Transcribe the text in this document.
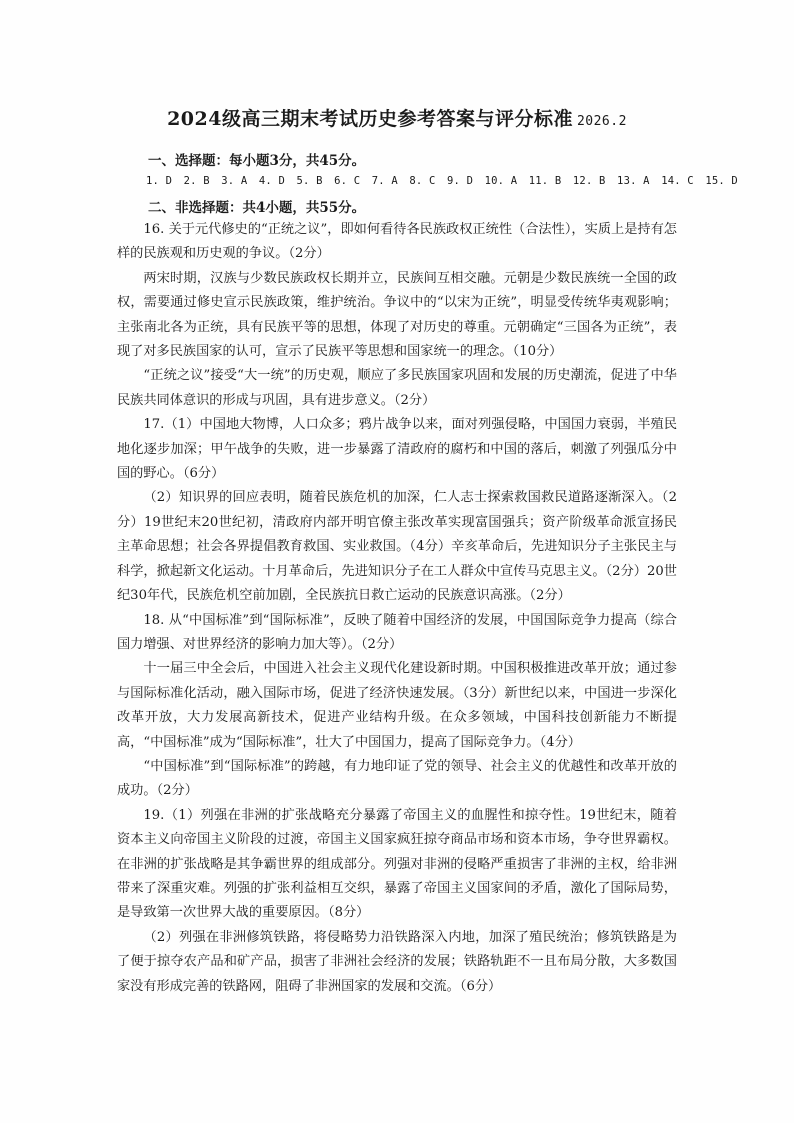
2024级高三期末考试历史参考答案与评分标准 2026.2
一、选择题：每小题3分，共45分。
1. D 2. B 3. A 4. D 5. B 6. C 7. A 8. C 9. D 10. A 11. B 12. B 13. A 14. C 15. D
二、非选择题：共4小题，共55分。

16. 关于元代修史的“正统之议”，即如何看待各民族政权正统性（合法性），实质上是持有怎样的民族观和历史观的争议。（2分）

两宋时期，汉族与少数民族政权长期并立，民族间互相交融。元朝是少数民族统一全国的政权，需要通过修史宣示民族政策，维护统治。争议中的“以宋为正统”，明显受传统华夷观影响；主张南北各为正统，具有民族平等的思想，体现了对历史的尊重。元朝确定“三国各为正统”，表现了对多民族国家的认可，宣示了民族平等思想和国家统一的理念。（10分）

“正统之议”接受“大一统”的历史观，顺应了多民族国家巩固和发展的历史潮流，促进了中华民族共同体意识的形成与巩固，具有进步意义。（2分）

17.（1）中国地大物博，人口众多；鸦片战争以来，面对列强侵略，中国国力衰弱，半殖民地化逐步加深；甲午战争的失败，进一步暴露了清政府的腐朽和中国的落后，刺激了列强瓜分中国的野心。（6分）

（2）知识界的回应表明，随着民族危机的加深，仁人志士探索救国救民道路逐渐深入。（2分）19世纪末20世纪初，清政府内部开明官僚主张改革实现富国强兵；资产阶级革命派宣扬民主革命思想；社会各界提倡教育救国、实业救国。（4分）辛亥革命后，先进知识分子主张民主与科学，掀起新文化运动。十月革命后，先进知识分子在工人群众中宣传马克思主义。（2分）20世纪30年代，民族危机空前加剧，全民族抗日救亡运动的民族意识高涨。（2分）

18. 从“中国标准”到“国际标准”，反映了随着中国经济的发展，中国国际竞争力提高（综合国力增强、对世界经济的影响力加大等）。（2分）

十一届三中全会后，中国进入社会主义现代化建设新时期。中国积极推进改革开放；通过参与国际标准化活动，融入国际市场，促进了经济快速发展。（3分）新世纪以来，中国进一步深化改革开放，大力发展高新技术，促进产业结构升级。在众多领域，中国科技创新能力不断提高，“中国标准”成为“国际标准”，壮大了中国国力，提高了国际竞争力。（4分）

“中国标准”到“国际标准”的跨越，有力地印证了党的领导、社会主义的优越性和改革开放的成功。（2分）

19.（1）列强在非洲的扩张战略充分暴露了帝国主义的血腥性和掠夺性。19世纪末，随着资本主义向帝国主义阶段的过渡，帝国主义国家疯狂掠夺商品市场和资本市场，争夺世界霸权。在非洲的扩张战略是其争霸世界的组成部分。列强对非洲的侵略严重损害了非洲的主权，给非洲带来了深重灾难。列强的扩张利益相互交织，暴露了帝国主义国家间的矛盾，激化了国际局势，是导致第一次世界大战的重要原因。（8分）

（2）列强在非洲修筑铁路，将侵略势力沿铁路深入内地，加深了殖民统治；修筑铁路是为了便于掠夺农产品和矿产品，损害了非洲社会经济的发展；铁路轨距不一且布局分散，大多数国家没有形成完善的铁路网，阻碍了非洲国家的发展和交流。（6分）
